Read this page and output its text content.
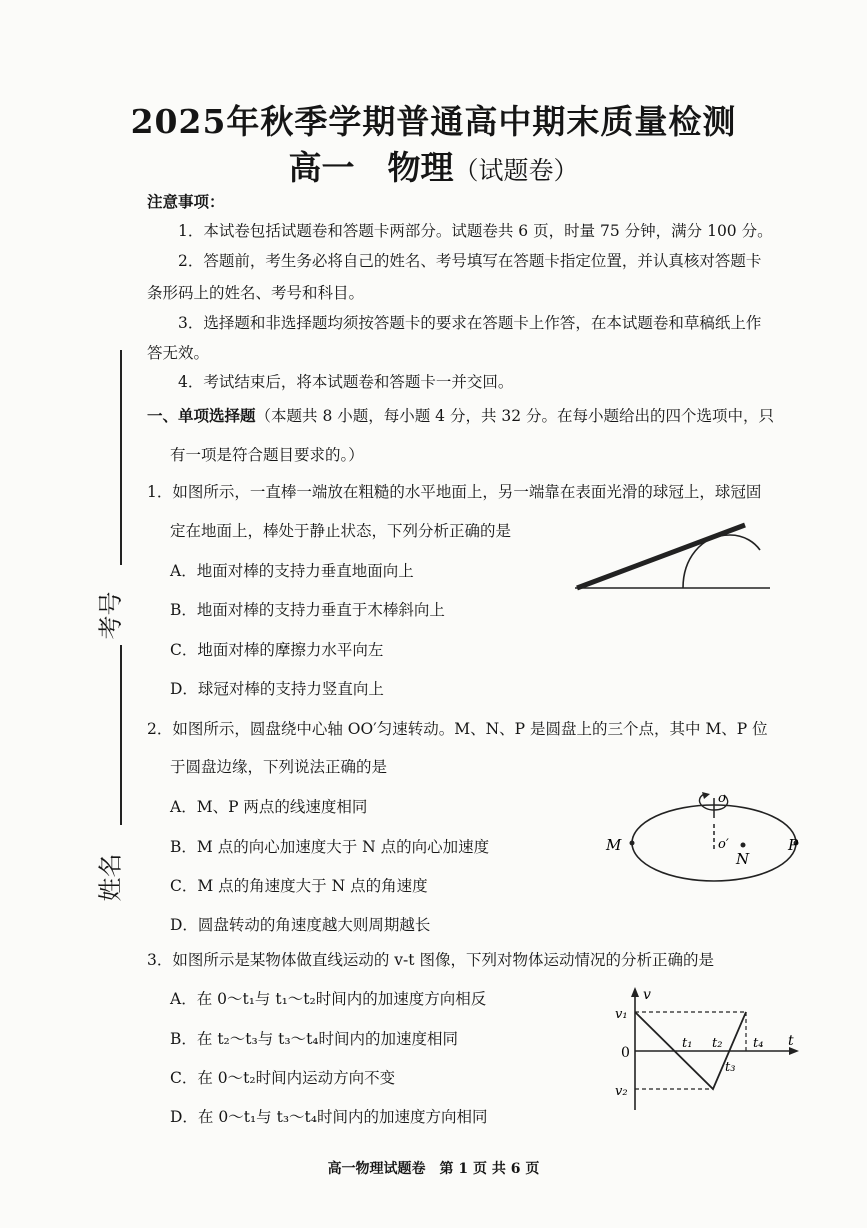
2025年秋季学期普通高中期末质量检测
高一　物理（试题卷）
考号
姓名
注意事项：
1．本试卷包括试题卷和答题卡两部分。试题卷共 6 页，时量 75 分钟，满分 100 分。
2．答题前，考生务必将自己的姓名、考号填写在答题卡指定位置，并认真核对答题卡
条形码上的姓名、考号和科目。
3．选择题和非选择题均须按答题卡的要求在答题卡上作答，在本试题卷和草稿纸上作
答无效。
4．考试结束后，将本试题卷和答题卡一并交回。
一、单项选择题（本题共 8 小题，每小题 4 分，共 32 分。在每小题给出的四个选项中，只
有一项是符合题目要求的。）
1．如图所示，一直棒一端放在粗糙的水平地面上，另一端靠在表面光滑的球冠上，球冠固
定在地面上，棒处于静止状态，下列分析正确的是
A．地面对棒的支持力垂直地面向上
B．地面对棒的支持力垂直于木棒斜向上
C．地面对棒的摩擦力水平向左
D．球冠对棒的支持力竖直向上
2．如图所示，圆盘绕中心轴 OO′匀速转动。M、N、P 是圆盘上的三个点，其中 M、P 位
于圆盘边缘，下列说法正确的是
A．M、P 两点的线速度相同
B．M 点的向心加速度大于 N 点的向心加速度
C．M 点的角速度大于 N 点的角速度
D．圆盘转动的角速度越大则周期越长
o
o′
M
N
P
3．如图所示是某物体做直线运动的 v-t 图像，下列对物体运动情况的分析正确的是
A．在 0～t₁与 t₁～t₂时间内的加速度方向相反
B．在 t₂～t₃与 t₃～t₄时间内的加速度相同
C．在 0～t₂时间内运动方向不变
D．在 0～t₁与 t₃～t₄时间内的加速度方向相同
v
v₁
0
v₂
t₁ t₂
t₃
t₄ t
高一物理试题卷　第 1 页 共 6 页
